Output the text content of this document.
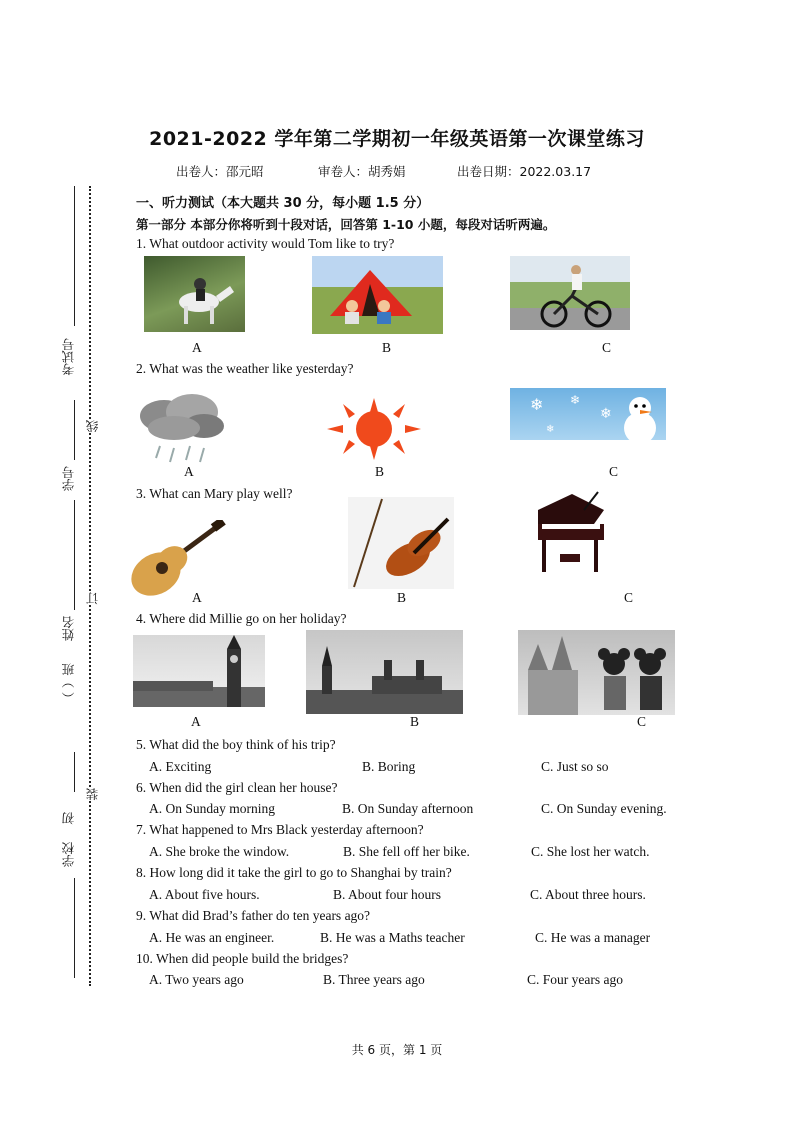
2021-2022 学年第二学期初一年级英语第一次课堂练习
出卷人：邵元昭	审卷人：胡秀娟	出卷日期：2022.03.17
考试号
学号
姓名
（ ）班
初
学校
线
订
装
一、听力测试（本大题共 30 分，每小题 1.5 分）
第一部分 本部分你将听到十段对话，回答第 1-10 小题，每段对话听两遍。
1. What outdoor activity would Tom like to try?
A	B	C
2. What was the weather like yesterday?
❄ ❄
❄
❄
A	B	C
3. What can Mary play well?
A	B	C
4. Where did Millie go on her holiday?
A	B	C
5. What did the boy think of his trip?
A. Exciting	B. Boring	C. Just so so
6. When did the girl clean her house?
A. On Sunday morning	B. On Sunday afternoon	C. On Sunday evening.
7. What happened to Mrs Black yesterday afternoon?
A. She broke the window.	B. She fell off her bike.	C. She lost her watch.
8. How long did it take the girl to go to Shanghai by train?
A. About five hours.	B. About four hours	C. About three hours.
9. What did Brad’s father do ten years ago?
A. He was an engineer.	B. He was a Maths teacher	C. He was a manager
10. When did people build the bridges?
A. Two years ago	B. Three years ago	C. Four years ago
共 6 页，第 1 页
